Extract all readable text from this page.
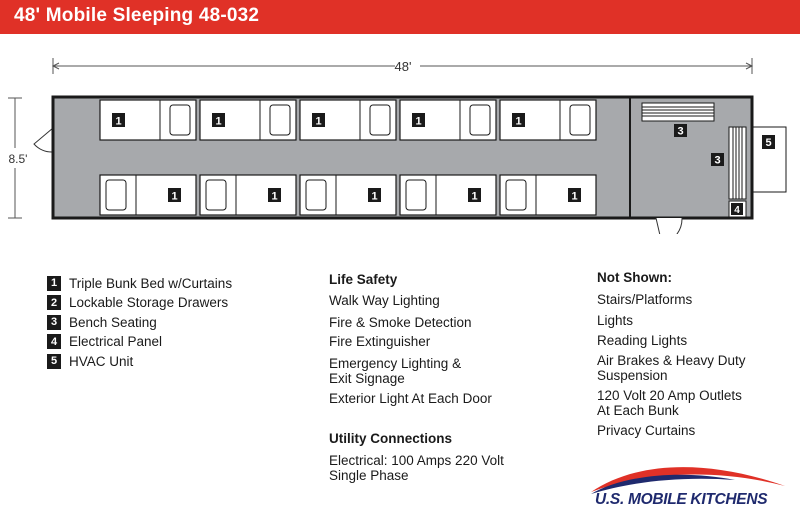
48' Mobile Sleeping 48-032
48'
8.5'
1	1	1	1	1
1	1	1	1	1
3
3
4
5
1 Triple Bunk Bed w/Curtains
2 Lockable Storage Drawers
3 Bench Seating
4 Electrical Panel
5 HVAC Unit
Life Safety
Walk Way Lighting
Fire & Smoke Detection
Fire Extinguisher
Emergency Lighting &
Exit Signage
Exterior Light At Each Door
Utility Connections
Electrical: 100 Amps 220 Volt
Single Phase
Not Shown:
Stairs/Platforms
Lights
Reading Lights
Air Brakes & Heavy Duty
Suspension
120 Volt 20 Amp Outlets
At Each Bunk
Privacy Curtains
U.S. MOBILE KITCHENS
